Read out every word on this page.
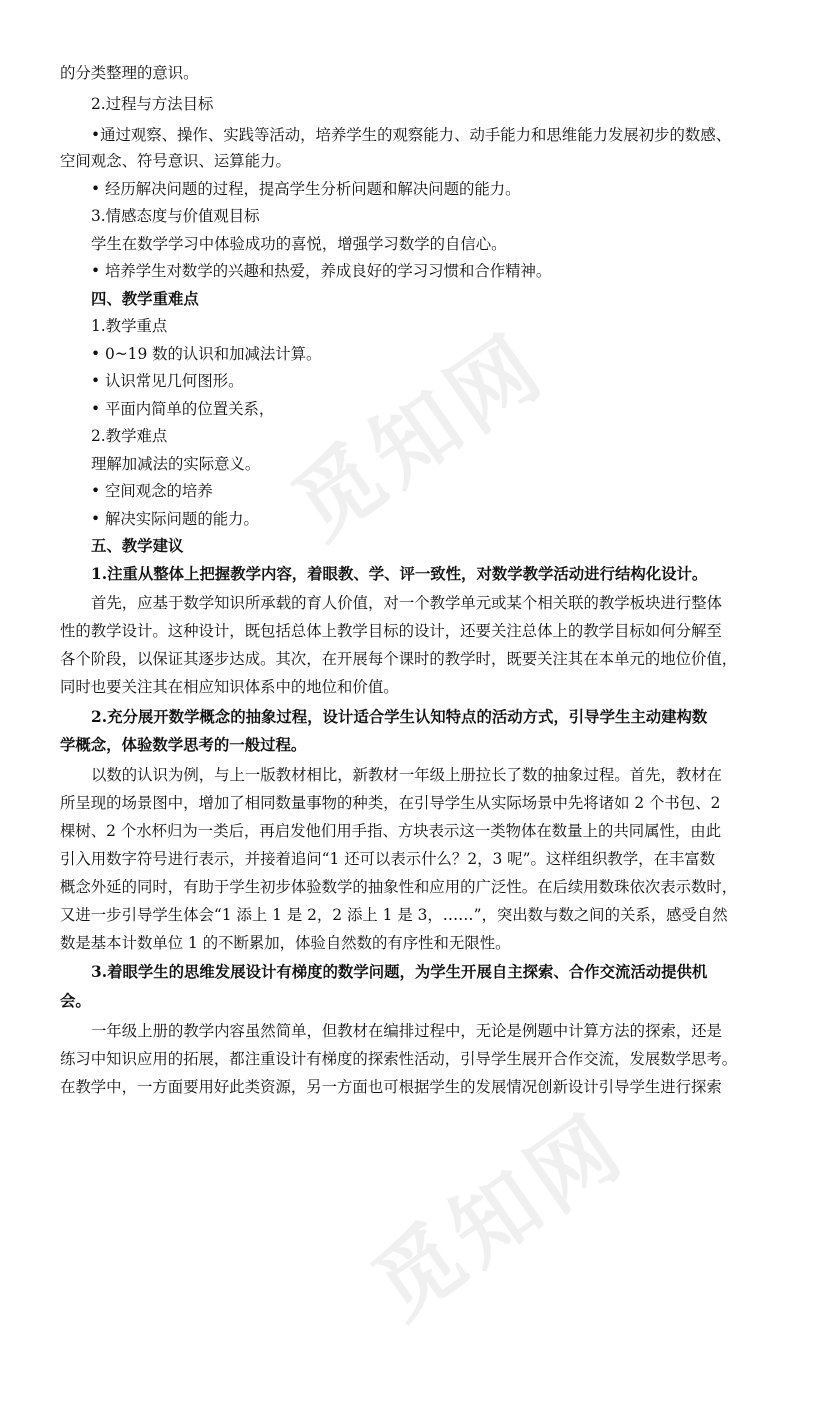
觅知网
觅知网
的分类整理的意识。
2.过程与方法目标
•通过观察、操作、实践等活动，培养学生的观察能力、动手能力和思维能力发展初步的数感、
空间观念、符号意识、运算能力。
• 经历解决问题的过程，提高学生分析问题和解决问题的能力。
3.情感态度与价值观目标
学生在数学学习中体验成功的喜悦，增强学习数学的自信心。
• 培养学生对数学的兴趣和热爱，养成良好的学习习惯和合作精神。
四、教学重难点
1.教学重点
• 0~19 数的认识和加减法计算。
• 认识常见几何图形。
• 平面内简单的位置关系，
2.教学难点
理解加减法的实际意义。
• 空间观念的培养
• 解决实际问题的能力。
五、教学建议
1.注重从整体上把握教学内容，着眼教、学、评一致性，对数学教学活动进行结构化设计。
首先，应基于数学知识所承载的育人价值，对一个教学单元或某个相关联的教学板块进行整体
性的教学设计。这种设计，既包括总体上教学目标的设计，还要关注总体上的教学目标如何分解至
各个阶段，以保证其逐步达成。其次，在开展每个课时的教学时，既要关注其在本单元的地位价值，
同时也要关注其在相应知识体系中的地位和价值。
2.充分展开数学概念的抽象过程，设计适合学生认知特点的活动方式，引导学生主动建构数
学概念，体验数学思考的一般过程。
以数的认识为例，与上一版教材相比，新教材一年级上册拉长了数的抽象过程。首先，教材在
所呈现的场景图中，增加了相同数量事物的种类，在引导学生从实际场景中先将诸如 2 个书包、2
棵树、2 个水杯归为一类后，再启发他们用手指、方块表示这一类物体在数量上的共同属性，由此
引入用数字符号进行表示，并接着追问“1 还可以表示什么？2，3 呢”。这样组织教学，在丰富数
概念外延的同时，有助于学生初步体验数学的抽象性和应用的广泛性。在后续用数珠依次表示数时，
又进一步引导学生体会“1 添上 1 是 2，2 添上 1 是 3，……”，突出数与数之间的关系，感受自然
数是基本计数单位 1 的不断累加，体验自然数的有序性和无限性。
3.着眼学生的思维发展设计有梯度的数学问题，为学生开展自主探索、合作交流活动提供机
会。
一年级上册的教学内容虽然简单，但教材在编排过程中，无论是例题中计算方法的探索，还是
练习中知识应用的拓展，都注重设计有梯度的探索性活动，引导学生展开合作交流，发展数学思考。
在教学中，一方面要用好此类资源，另一方面也可根据学生的发展情况创新设计引导学生进行探索
